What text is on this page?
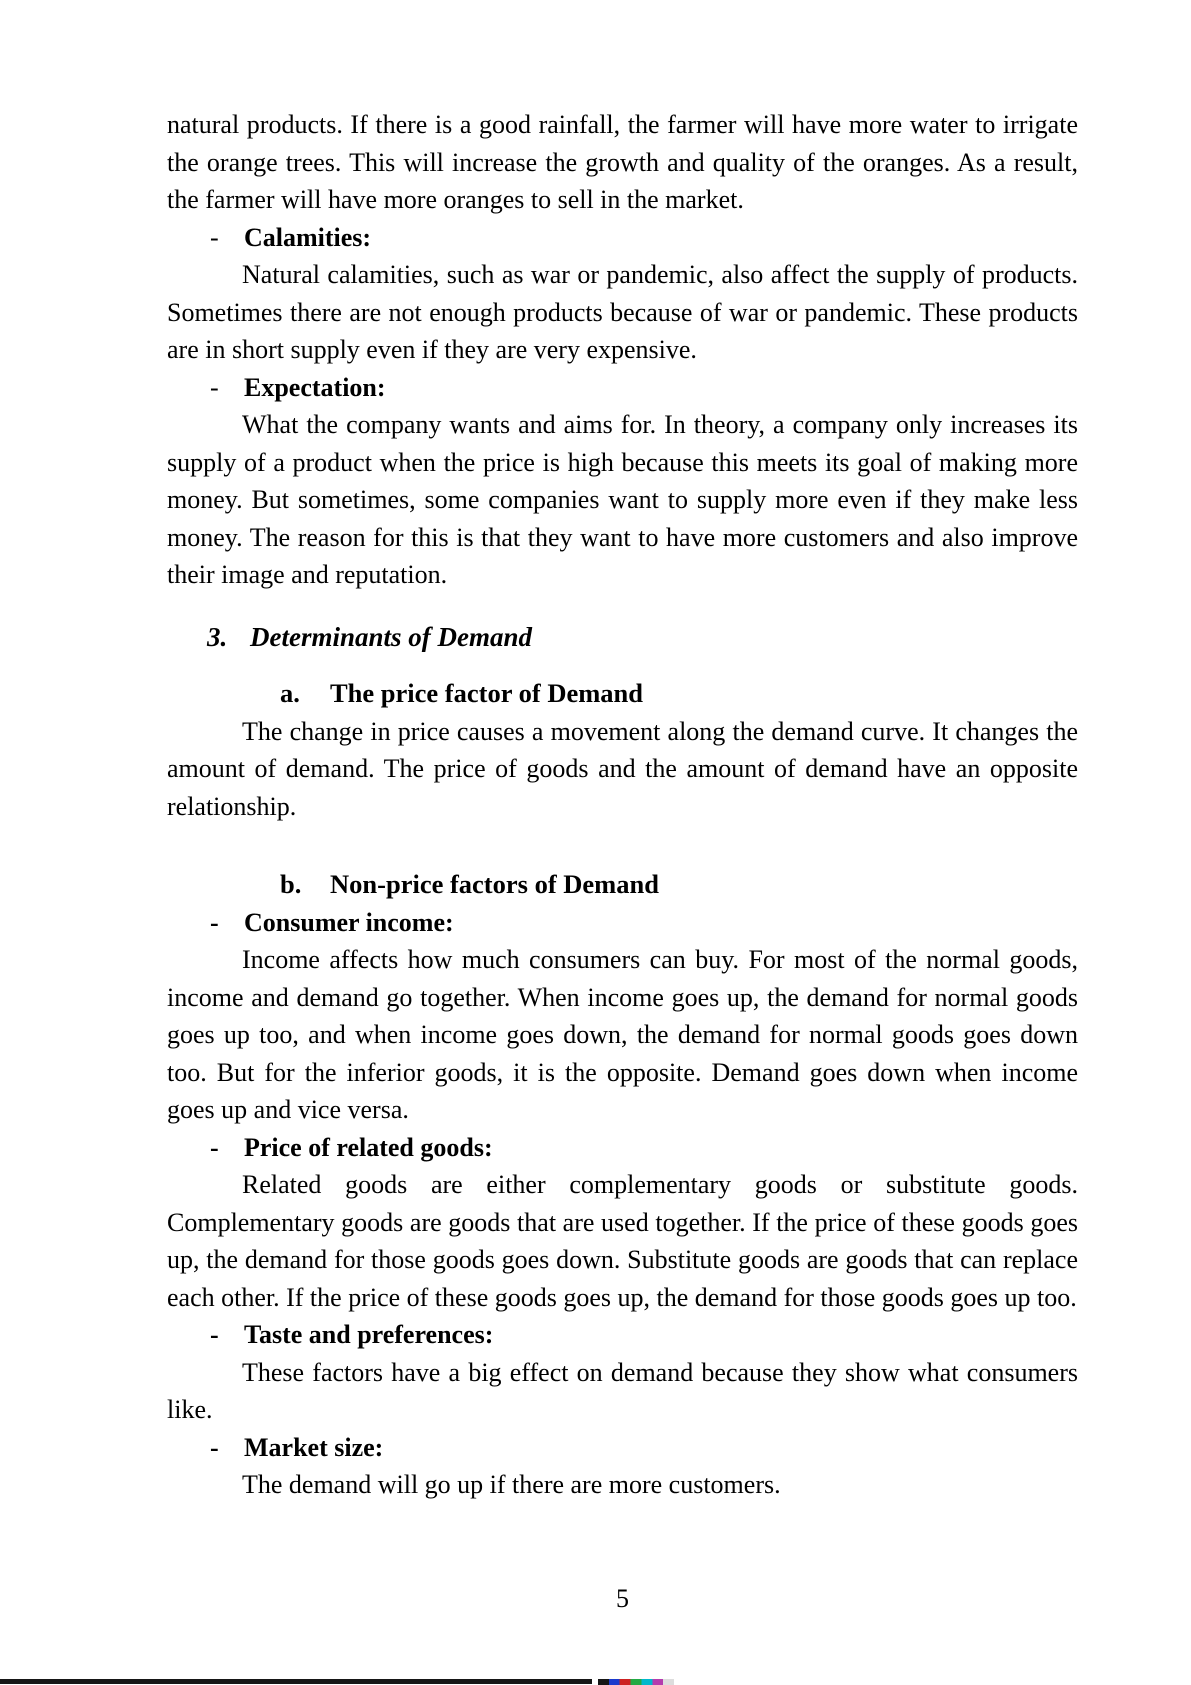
natural products. If there is a good rainfall, the farmer will have more water to irrigate the orange trees. This will increase the growth and quality of the oranges. As a result, the farmer will have more oranges to sell in the market.

- Calamities:

Natural calamities, such as war or pandemic, also affect the supply of products. Sometimes there are not enough products because of war or pandemic. These products are in short supply even if they are very expensive.

- Expectation:

What the company wants and aims for. In theory, a company only increases its supply of a product when the price is high because this meets its goal of making more money. But sometimes, some companies want to supply more even if they make less money. The reason for this is that they want to have more customers and also improve their image and reputation.

3. Determinants of Demand

a. The price factor of Demand

The change in price causes a movement along the demand curve. It changes the amount of demand. The price of goods and the amount of demand have an opposite relationship.

b. Non-price factors of Demand

- Consumer income:

Income affects how much consumers can buy. For most of the normal goods, income and demand go together. When income goes up, the demand for normal goods goes up too, and when income goes down, the demand for normal goods goes down too. But for the inferior goods, it is the opposite. Demand goes down when income goes up and vice versa.

- Price of related goods:

Related goods are either complementary goods or substitute goods. Complementary goods are goods that are used together. If the price of these goods goes up, the demand for those goods goes down. Substitute goods are goods that can replace each other. If the price of these goods goes up, the demand for those goods goes up too.

- Taste and preferences:

These factors have a big effect on demand because they show what consumers like.

- Market size:

The demand will go up if there are more customers.

5
